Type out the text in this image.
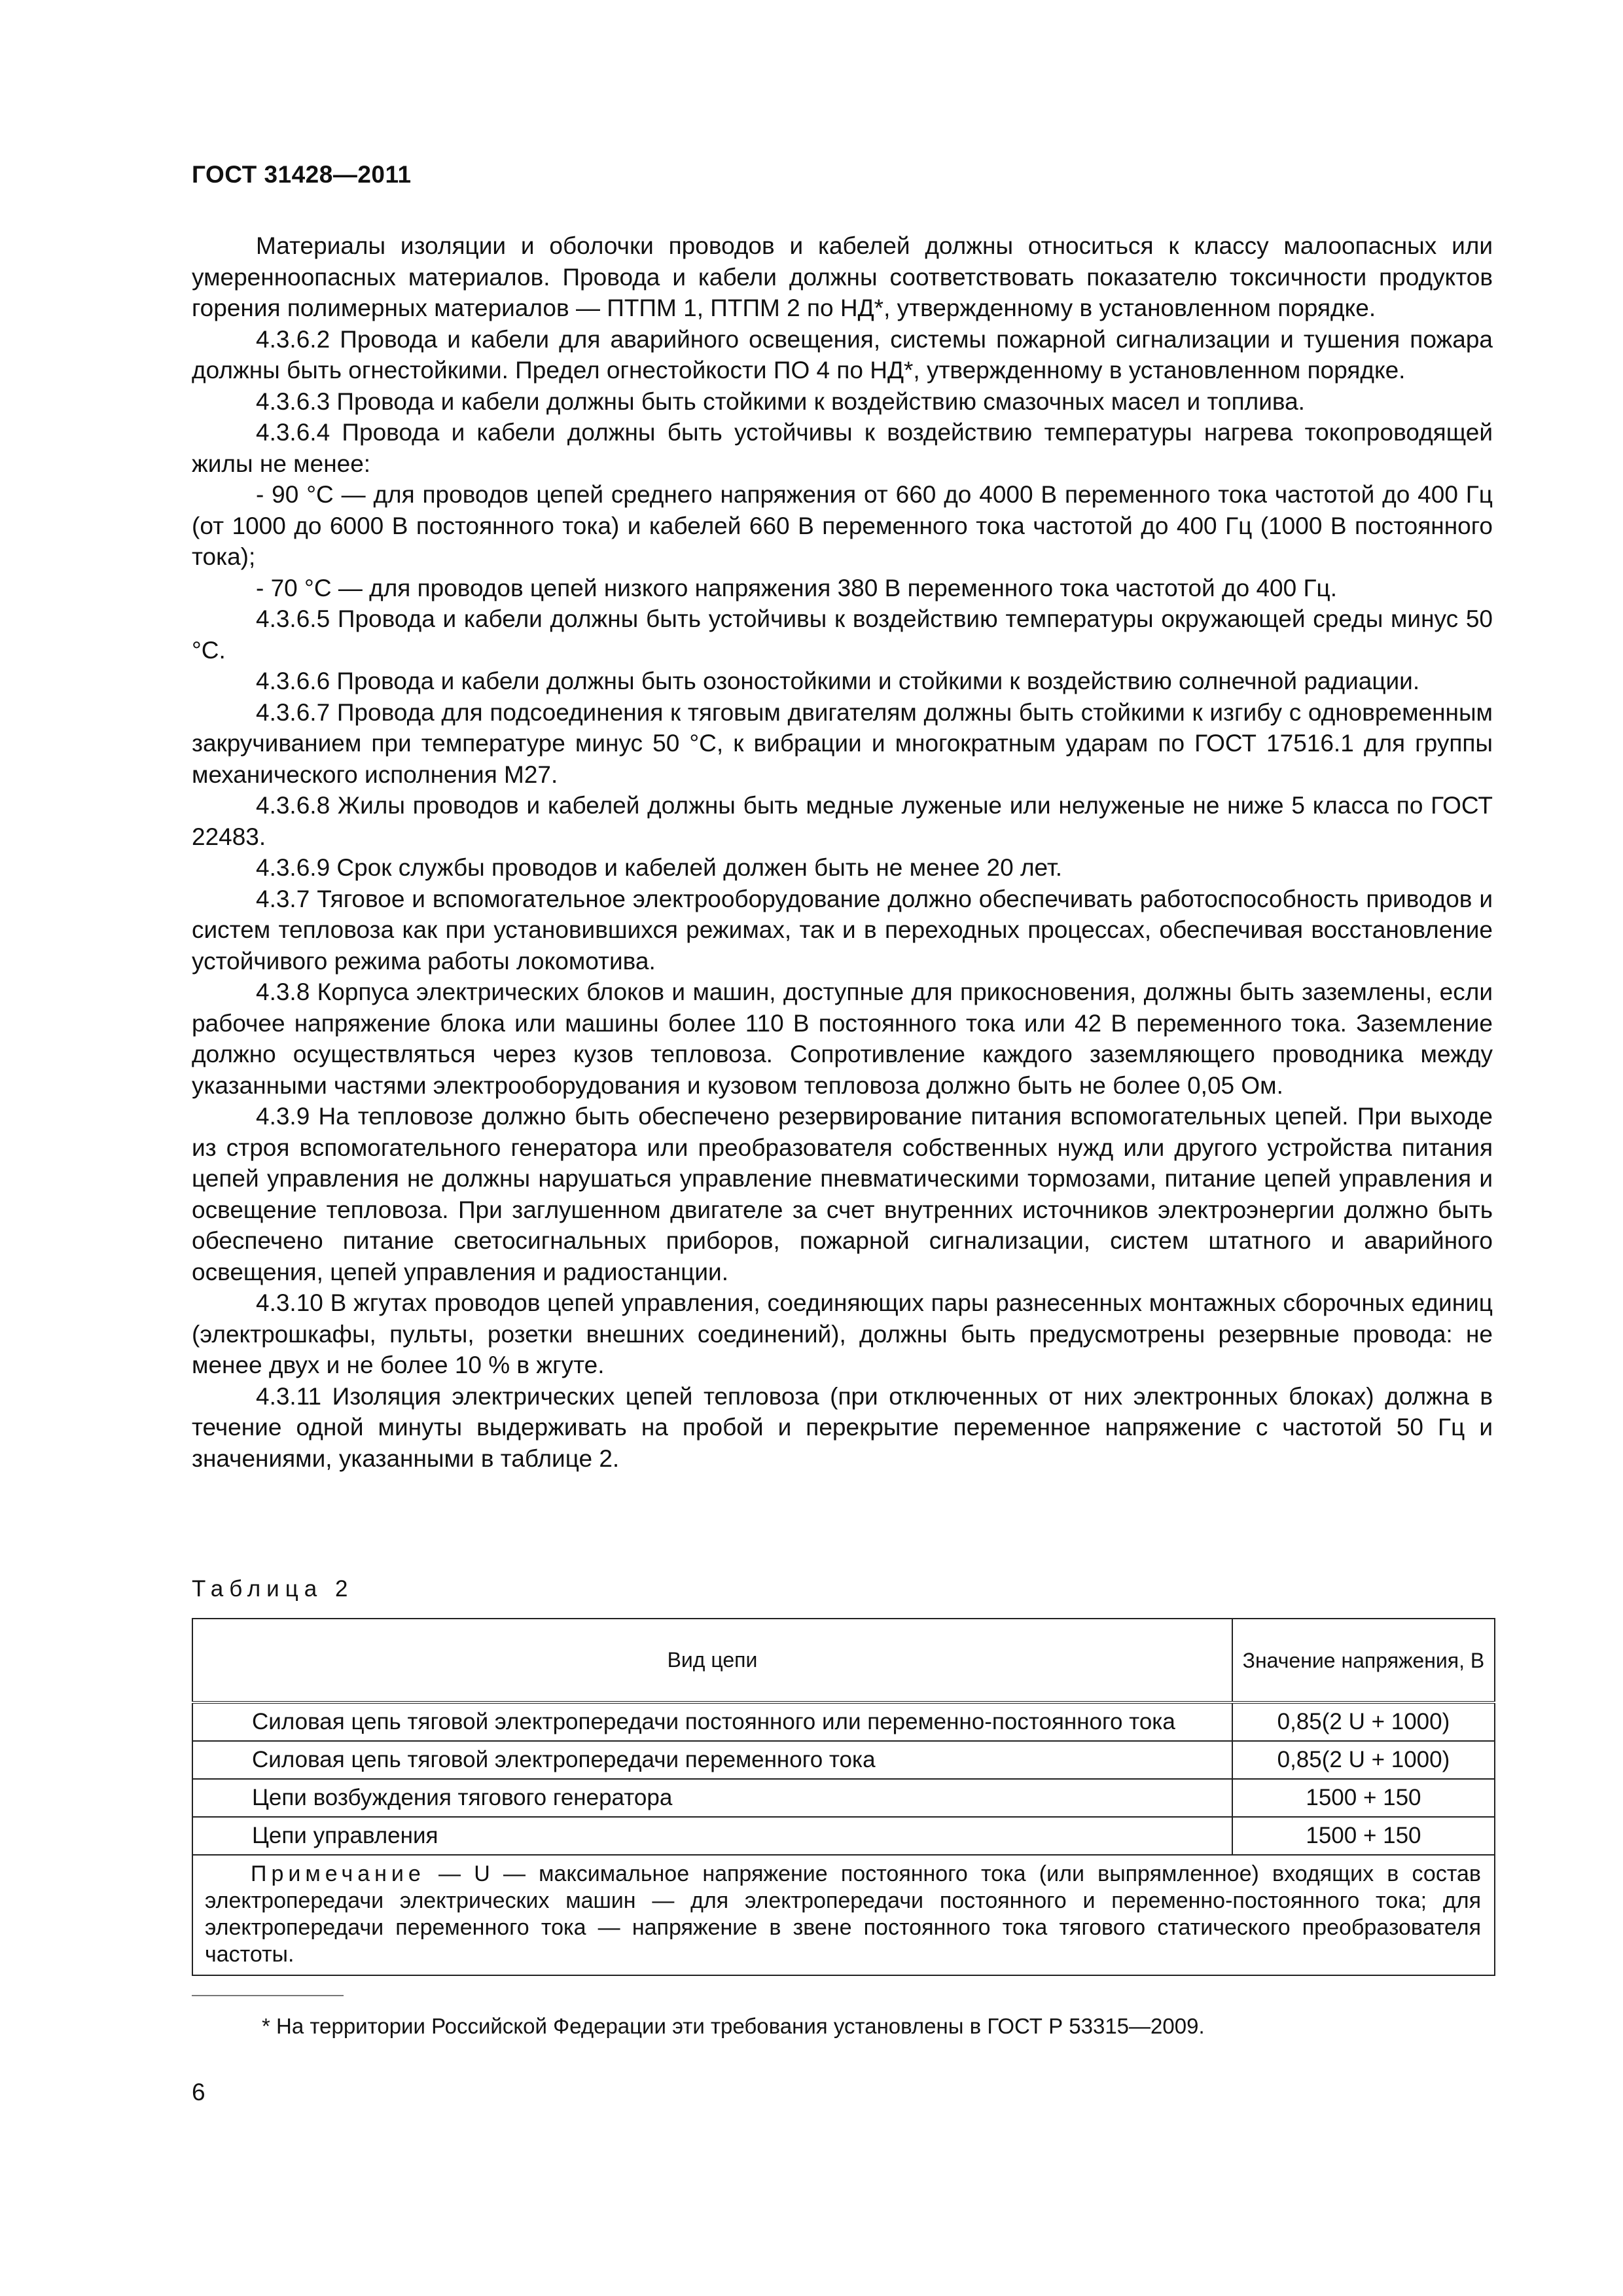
ГОСТ 31428—2011

Материалы изоляции и оболочки проводов и кабелей должны относиться к классу малоопасных или умеренноопасных материалов. Провода и кабели должны соответствовать показателю токсичности продуктов горения полимерных материалов — ПТПМ 1, ПТПМ 2 по НД*, утвержденному в установленном порядке.

4.3.6.2 Провода и кабели для аварийного освещения, системы пожарной сигнализации и тушения пожара должны быть огнестойкими. Предел огнестойкости ПО 4 по НД*, утвержденному в установленном порядке.

4.3.6.3 Провода и кабели должны быть стойкими к воздействию смазочных масел и топлива.

4.3.6.4 Провода и кабели должны быть устойчивы к воздействию температуры нагрева токопроводящей жилы не менее:

- 90 °С — для проводов цепей среднего напряжения от 660 до 4000 В переменного тока частотой до 400 Гц (от 1000 до 6000 В постоянного тока) и кабелей 660 В переменного тока частотой до 400 Гц (1000 В постоянного тока);

- 70 °С — для проводов цепей низкого напряжения 380 В переменного тока частотой до 400 Гц.

4.3.6.5 Провода и кабели должны быть устойчивы к воздействию температуры окружающей среды минус 50 °С.

4.3.6.6 Провода и кабели должны быть озоностойкими и стойкими к воздействию солнечной радиации.

4.3.6.7 Провода для подсоединения к тяговым двигателям должны быть стойкими к изгибу с одновременным закручиванием при температуре минус 50 °С, к вибрации и многократным ударам по ГОСТ 17516.1 для группы механического исполнения М27.

4.3.6.8 Жилы проводов и кабелей должны быть медные луженые или нелуженые не ниже 5 класса по ГОСТ 22483.

4.3.6.9 Срок службы проводов и кабелей должен быть не менее 20 лет.

4.3.7 Тяговое и вспомогательное электрооборудование должно обеспечивать работоспособность приводов и систем тепловоза как при установившихся режимах, так и в переходных процессах, обеспечивая восстановление устойчивого режима работы локомотива.

4.3.8 Корпуса электрических блоков и машин, доступные для прикосновения, должны быть заземлены, если рабочее напряжение блока или машины более 110 В постоянного тока или 42 В переменного тока. Заземление должно осуществляться через кузов тепловоза. Сопротивление каждого заземляющего проводника между указанными частями электрооборудования и кузовом тепловоза должно быть не более 0,05 Ом.

4.3.9 На тепловозе должно быть обеспечено резервирование питания вспомогательных цепей. При выходе из строя вспомогательного генератора или преобразователя собственных нужд или другого устройства питания цепей управления не должны нарушаться управление пневматическими тормозами, питание цепей управления и освещение тепловоза. При заглушенном двигателе за счет внутренних источников электроэнергии должно быть обеспечено питание светосигнальных приборов, пожарной сигнализации, систем штатного и аварийного освещения, цепей управления и радиостанции.

4.3.10 В жгутах проводов цепей управления, соединяющих пары разнесенных монтажных сборочных единиц (электрошкафы, пульты, розетки внешних соединений), должны быть предусмотрены резервные провода: не менее двух и не более 10 % в жгуте.

4.3.11 Изоляция электрических цепей тепловоза (при отключенных от них электронных блоках) должна в течение одной минуты выдерживать на пробой и перекрытие переменное напряжение с частотой 50 Гц и значениями, указанными в таблице 2.

Таблица 2
Вид цепи	Значение напряжения, В
Силовая цепь тяговой электропередачи постоянного или переменно-постоянного тока	0,85(2 U + 1000)
Силовая цепь тяговой электропередачи переменного тока	0,85(2 U + 1000)
Цепи возбуждения тягового генератора	1500 + 150
Цепи управления	1500 + 150
Примечание — U — максимальное напряжение постоянного тока (или выпрямленное) входящих в состав электропередачи электрических машин — для электропередачи постоянного и переменно-постоянного тока; для электропередачи переменного тока — напряжение в звене постоянного тока тягового статического преобразователя частоты.	
* На территории Российской Федерации эти требования установлены в ГОСТ Р 53315—2009.
6
